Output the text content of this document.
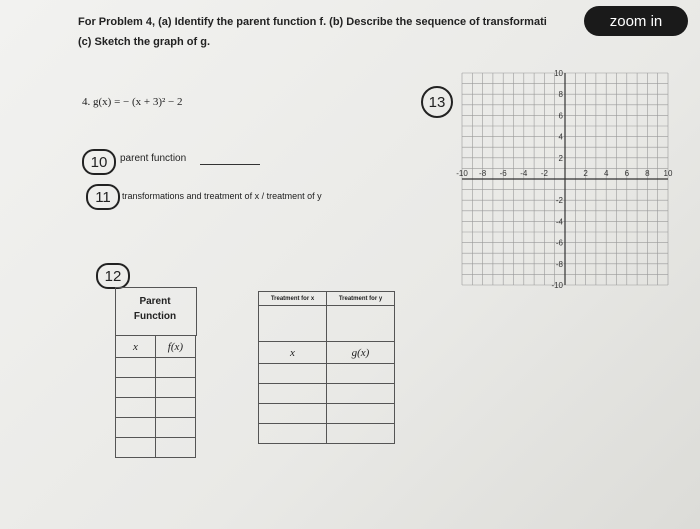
For Problem 4, (a) Identify the parent function f. (b) Describe the sequence of transformati
(c) Sketch the graph of g.
zoom in
4. g(x) = − (x + 3)² − 2	13
10	parent function
11	transformations and treatment of x / treatment of y
12
Parent
Function
x	f(x)

Treatment for x	Treatment for y

x	g(x)

-10 -8 -6 -4 -2	2 4 6 8 10
10
8
6
4
2
-2
-4
-6
-8
-10
